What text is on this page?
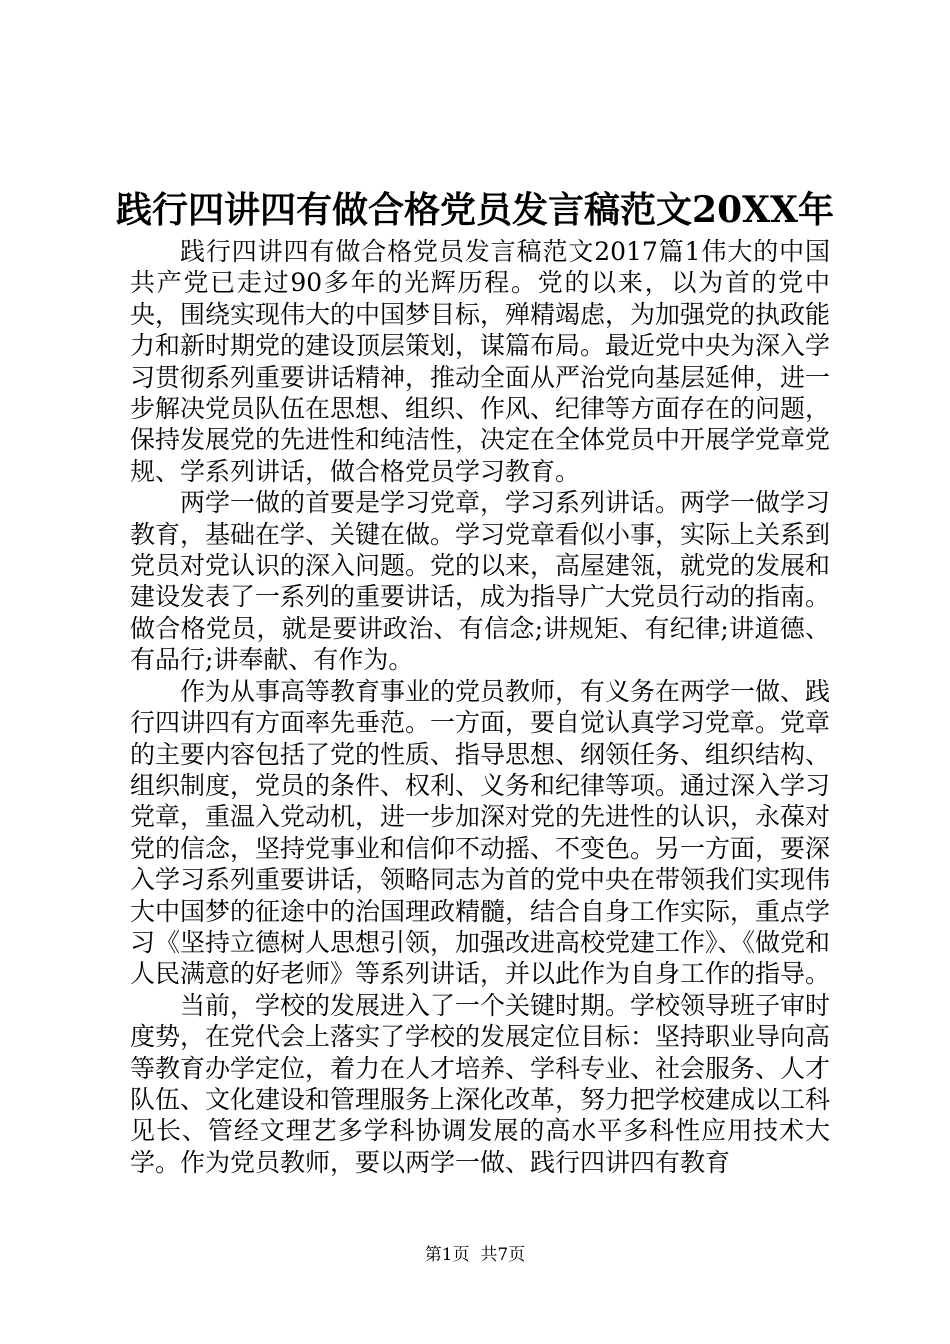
践行四讲四有做合格党员发言稿范文20XX年

践行四讲四有做合格党员发言稿范文2017篇1伟大的中国共产党已走过90多年的光辉历程。党的以来，以为首的党中央，围绕实现伟大的中国梦目标，殚精竭虑，为加强党的执政能力和新时期党的建设顶层策划，谋篇布局。最近党中央为深入学习贯彻系列重要讲话精神，推动全面从严治党向基层延伸，进一步解决党员队伍在思想、组织、作风、纪律等方面存在的问题，保持发展党的先进性和纯洁性，决定在全体党员中开展学党章党规、学系列讲话，做合格党员学习教育。

两学一做的首要是学习党章，学习系列讲话。两学一做学习教育，基础在学、关键在做。学习党章看似小事，实际上关系到党员对党认识的深入问题。党的以来，高屋建瓴，就党的发展和建设发表了一系列的重要讲话，成为指导广大党员行动的指南。做合格党员，就是要讲政治、有信念;讲规矩、有纪律;讲道德、有品行;讲奉献、有作为。

作为从事高等教育事业的党员教师，有义务在两学一做、践行四讲四有方面率先垂范。一方面，要自觉认真学习党章。党章的主要内容包括了党的性质、指导思想、纲领任务、组织结构、组织制度，党员的条件、权利、义务和纪律等项。通过深入学习党章，重温入党动机，进一步加深对党的先进性的认识，永葆对党的信念，坚持党事业和信仰不动摇、不变色。另一方面，要深入学习系列重要讲话，领略同志为首的党中央在带领我们实现伟大中国梦的征途中的治国理政精髓，结合自身工作实际，重点学习《坚持立德树人思想引领，加强改进高校党建工作》、《做党和人民满意的好老师》等系列讲话，并以此作为自身工作的指导。

当前，学校的发展进入了一个关键时期。学校领导班子审时度势，在党代会上落实了学校的发展定位目标：坚持职业导向高等教育办学定位，着力在人才培养、学科专业、社会服务、人才队伍、文化建设和管理服务上深化改革，努力把学校建成以工科见长、管经文理艺多学科协调发展的高水平多科性应用技术大学。作为党员教师，要以两学一做、践行四讲四有教育

第1页  共7页
